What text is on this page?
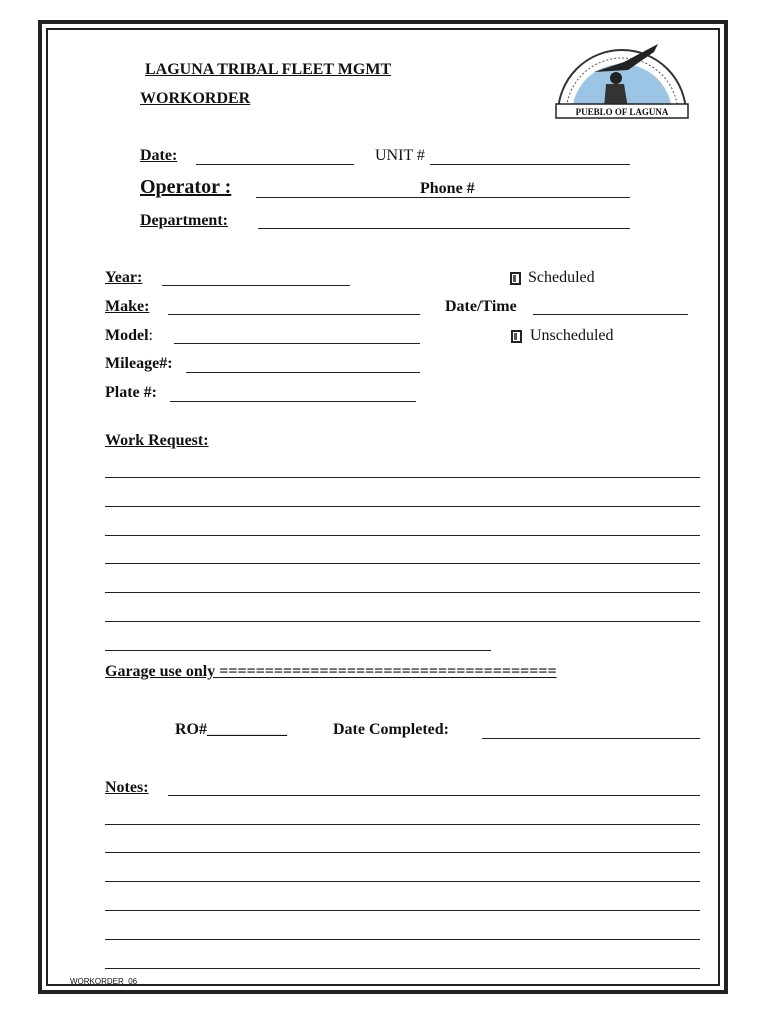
LAGUNA TRIBAL FLEET MGMT
WORKORDER
PUEBLO OF LAGUNA
Date:	UNIT #
Operator :	Phone #
Department:
Year:	Scheduled
Make:	Date/Time
Model:	Unscheduled
Mileage#:
Plate #:
Work Request:
Garage use only =====================================
RO#__________	Date Completed:
Notes:
WORKORDER_06
